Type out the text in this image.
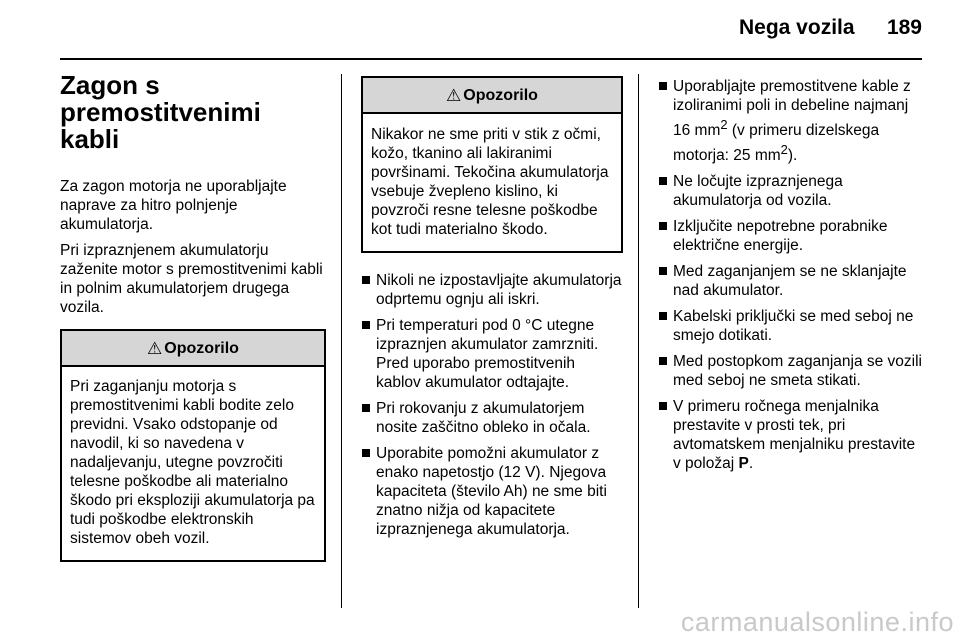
Nega vozila 189
Zagon s premostitvenimi kabli

Za zagon motorja ne uporabljajte naprave za hitro polnjenje akumulatorja.

Pri izpraznjenem akumulatorju zaženite motor s premostitvenimi kabli in polnim akumulatorjem drugega vozila.

⚠ Opozorilo
Pri zaganjanju motorja s premostitvenimi kabli bodite zelo previdni. Vsako odstopanje od navodil, ki so navedena v nadaljevanju, utegne povzročiti telesne poškodbe ali materialno škodo pri eksploziji akumulatorja pa tudi poškodbe elektronskih sistemov obeh vozil.
⚠ Opozorilo
Nikakor ne sme priti v stik z očmi, kožo, tkanino ali lakiranimi površinami. Tekočina akumulatorja vsebuje žvepleno kislino, ki povzroči resne telesne poškodbe kot tudi materialno škodo.
Nikoli ne izpostavljajte akumulatorja odprtemu ognju ali iskri.
Pri temperaturi pod 0 °C utegne izpraznjen akumulator zamrzniti. Pred uporabo premostitvenih kablov akumulator odtajajte.
Pri rokovanju z akumulatorjem nosite zaščitno obleko in očala.
Uporabite pomožni akumulator z enako napetostjo (12 V). Njegova kapaciteta (število Ah) ne sme biti znatno nižja od kapacitete izpraznjenega akumulatorja.
Uporabljajte premostitvene kable z izoliranimi poli in debeline najmanj 16 $mm^2$ (v primeru dizelskega motorja: 25 $mm^2$).
Ne ločujte izpraznjenega akumulatorja od vozila.
Izključite nepotrebne porabnike električne energije.
Med zaganjanjem se ne sklanjajte nad akumulator.
Kabelski priključki se med seboj ne smejo dotikati.
Med postopkom zaganjanja se vozili med seboj ne smeta stikati.
V primeru ročnega menjalnika prestavite v prosti tek, pri avtomatskem menjalniku prestavite v položaj P.
carmanualsonline.info
